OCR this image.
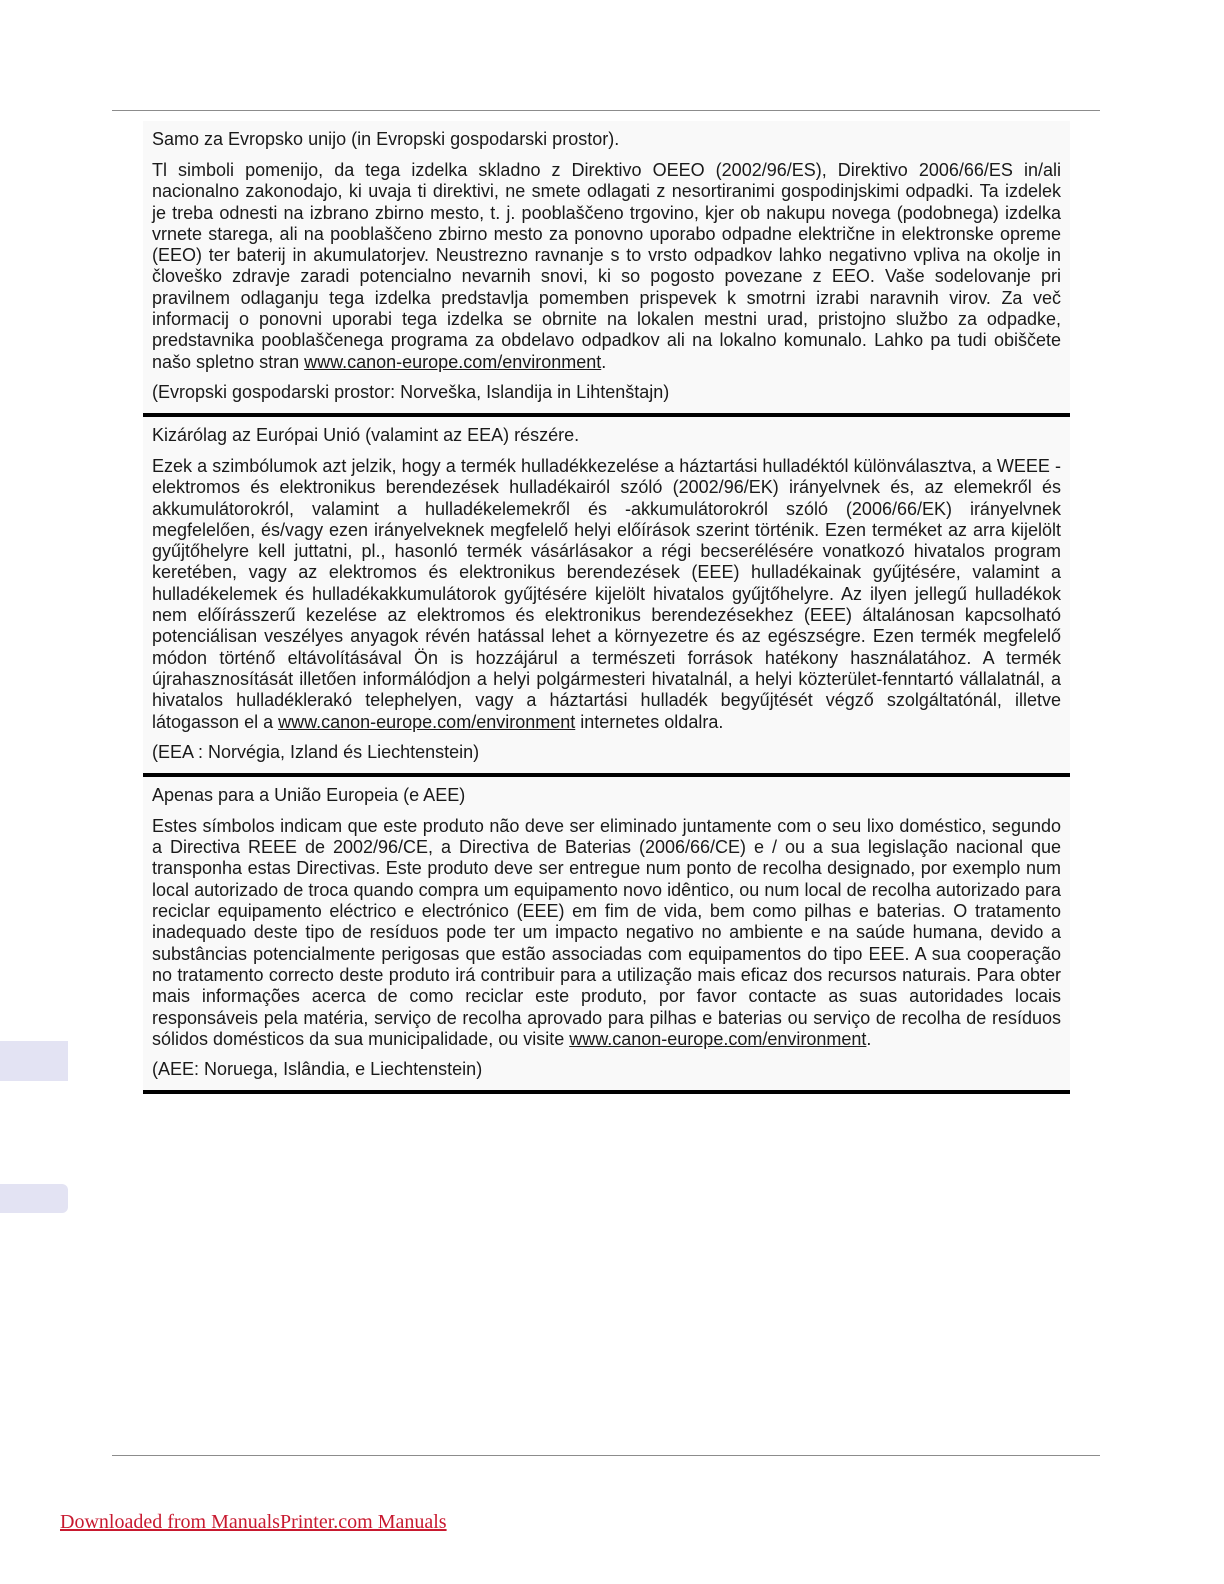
Samo za Evropsko unijo (in Evropski gospodarski prostor).

Tl simboli pomenijo, da tega izdelka skladno z Direktivo OEEO (2002/96/ES), Direktivo 2006/66/ES in/ali nacionalno zakonodajo, ki uvaja ti direktivi, ne smete odlagati z nesortiranimi gospodinjskimi odpadki. Ta izdelek je treba odnesti na izbrano zbirno mesto, t. j. pooblaščeno trgovino, kjer ob nakupu novega (podobnega) izdelka vrnete starega, ali na pooblaščeno zbirno mesto za ponovno uporabo odpadne električne in elektronske opreme (EEO) ter baterij in akumulatorjev. Neustrezno ravnanje s to vrsto odpadkov lahko negativno vpliva na okolje in človeško zdravje zaradi potencialno nevarnih snovi, ki so pogosto povezane z EEO. Vaše sodelovanje pri pravilnem odlaganju tega izdelka predstavlja pomemben prispevek k smotrni izrabi naravnih virov. Za več informacij o ponovni uporabi tega izdelka se obrnite na lokalen mestni urad, pristojno službo za odpadke, predstavnika pooblaščenega programa za obdelavo odpadkov ali na lokalno komunalo. Lahko pa tudi obiščete našo spletno stran www.canon-europe.com/environment.

(Evropski gospodarski prostor: Norveška, Islandija in Lihtenštajn)

Kizárólag az Európai Unió (valamint az EEA) részére.

Ezek a szimbólumok azt jelzik, hogy a termék hulladékkezelése a háztartási hulladéktól különválasztva, a WEEE - elektromos és elektronikus berendezések hulladékairól szóló (2002/96/EK) irányelvnek és, az elemekről és akkumulátorokról, valamint a hulladékelemekről és -akkumulátorokról szóló (2006/66/EK) irányelvnek megfelelően, és/vagy ezen irányelveknek megfelelő helyi előírások szerint történik. Ezen terméket az arra kijelölt gyűjtőhelyre kell juttatni, pl., hasonló termék vásárlásakor a régi becserélésére vonatkozó hivatalos program keretében, vagy az elektromos és elektronikus berendezések (EEE) hulladékainak gyűjtésére, valamint a hulladékelemek és hulladékakkumulátorok gyűjtésére kijelölt hivatalos gyűjtőhelyre. Az ilyen jellegű hulladékok nem előírásszerű kezelése az elektromos és elektronikus berendezésekhez (EEE) általánosan kapcsolható potenciálisan veszélyes anyagok révén hatással lehet a környezetre és az egészségre. Ezen termék megfelelő módon történő eltávolításával Ön is hozzájárul a természeti források hatékony használatához. A termék újrahasznosítását illetően informálódjon a helyi polgármesteri hivatalnál, a helyi közterület-fenntartó vállalatnál, a hivatalos hulladéklerakó telephelyen, vagy a háztartási hulladék begyűjtését végző szolgáltatónál, illetve látogasson el a www.canon-europe.com/environment internetes oldalra.

(EEA : Norvégia, Izland és Liechtenstein)

Apenas para a União Europeia (e AEE)

Estes símbolos indicam que este produto não deve ser eliminado juntamente com o seu lixo doméstico, segundo a Directiva REEE de 2002/96/CE, a Directiva de Baterias (2006/66/CE) e / ou a sua legislação nacional que transponha estas Directivas. Este produto deve ser entregue num ponto de recolha designado, por exemplo num local autorizado de troca quando compra um equipamento novo idêntico, ou num local de recolha autorizado para reciclar equipamento eléctrico e electrónico (EEE) em fim de vida, bem como pilhas e baterias. O tratamento inadequado deste tipo de resíduos pode ter um impacto negativo no ambiente e na saúde humana, devido a substâncias potencialmente perigosas que estão associadas com equipamentos do tipo EEE. A sua cooperação no tratamento correcto deste produto irá contribuir para a utilização mais eficaz dos recursos naturais. Para obter mais informações acerca de como reciclar este produto, por favor contacte as suas autoridades locais responsáveis pela matéria, serviço de recolha aprovado para pilhas e baterias ou serviço de recolha de resíduos sólidos domésticos da sua municipalidade, ou visite www.canon-europe.com/environment.

(AEE: Noruega, Islândia, e Liechtenstein)

Downloaded from ManualsPrinter.com Manuals
